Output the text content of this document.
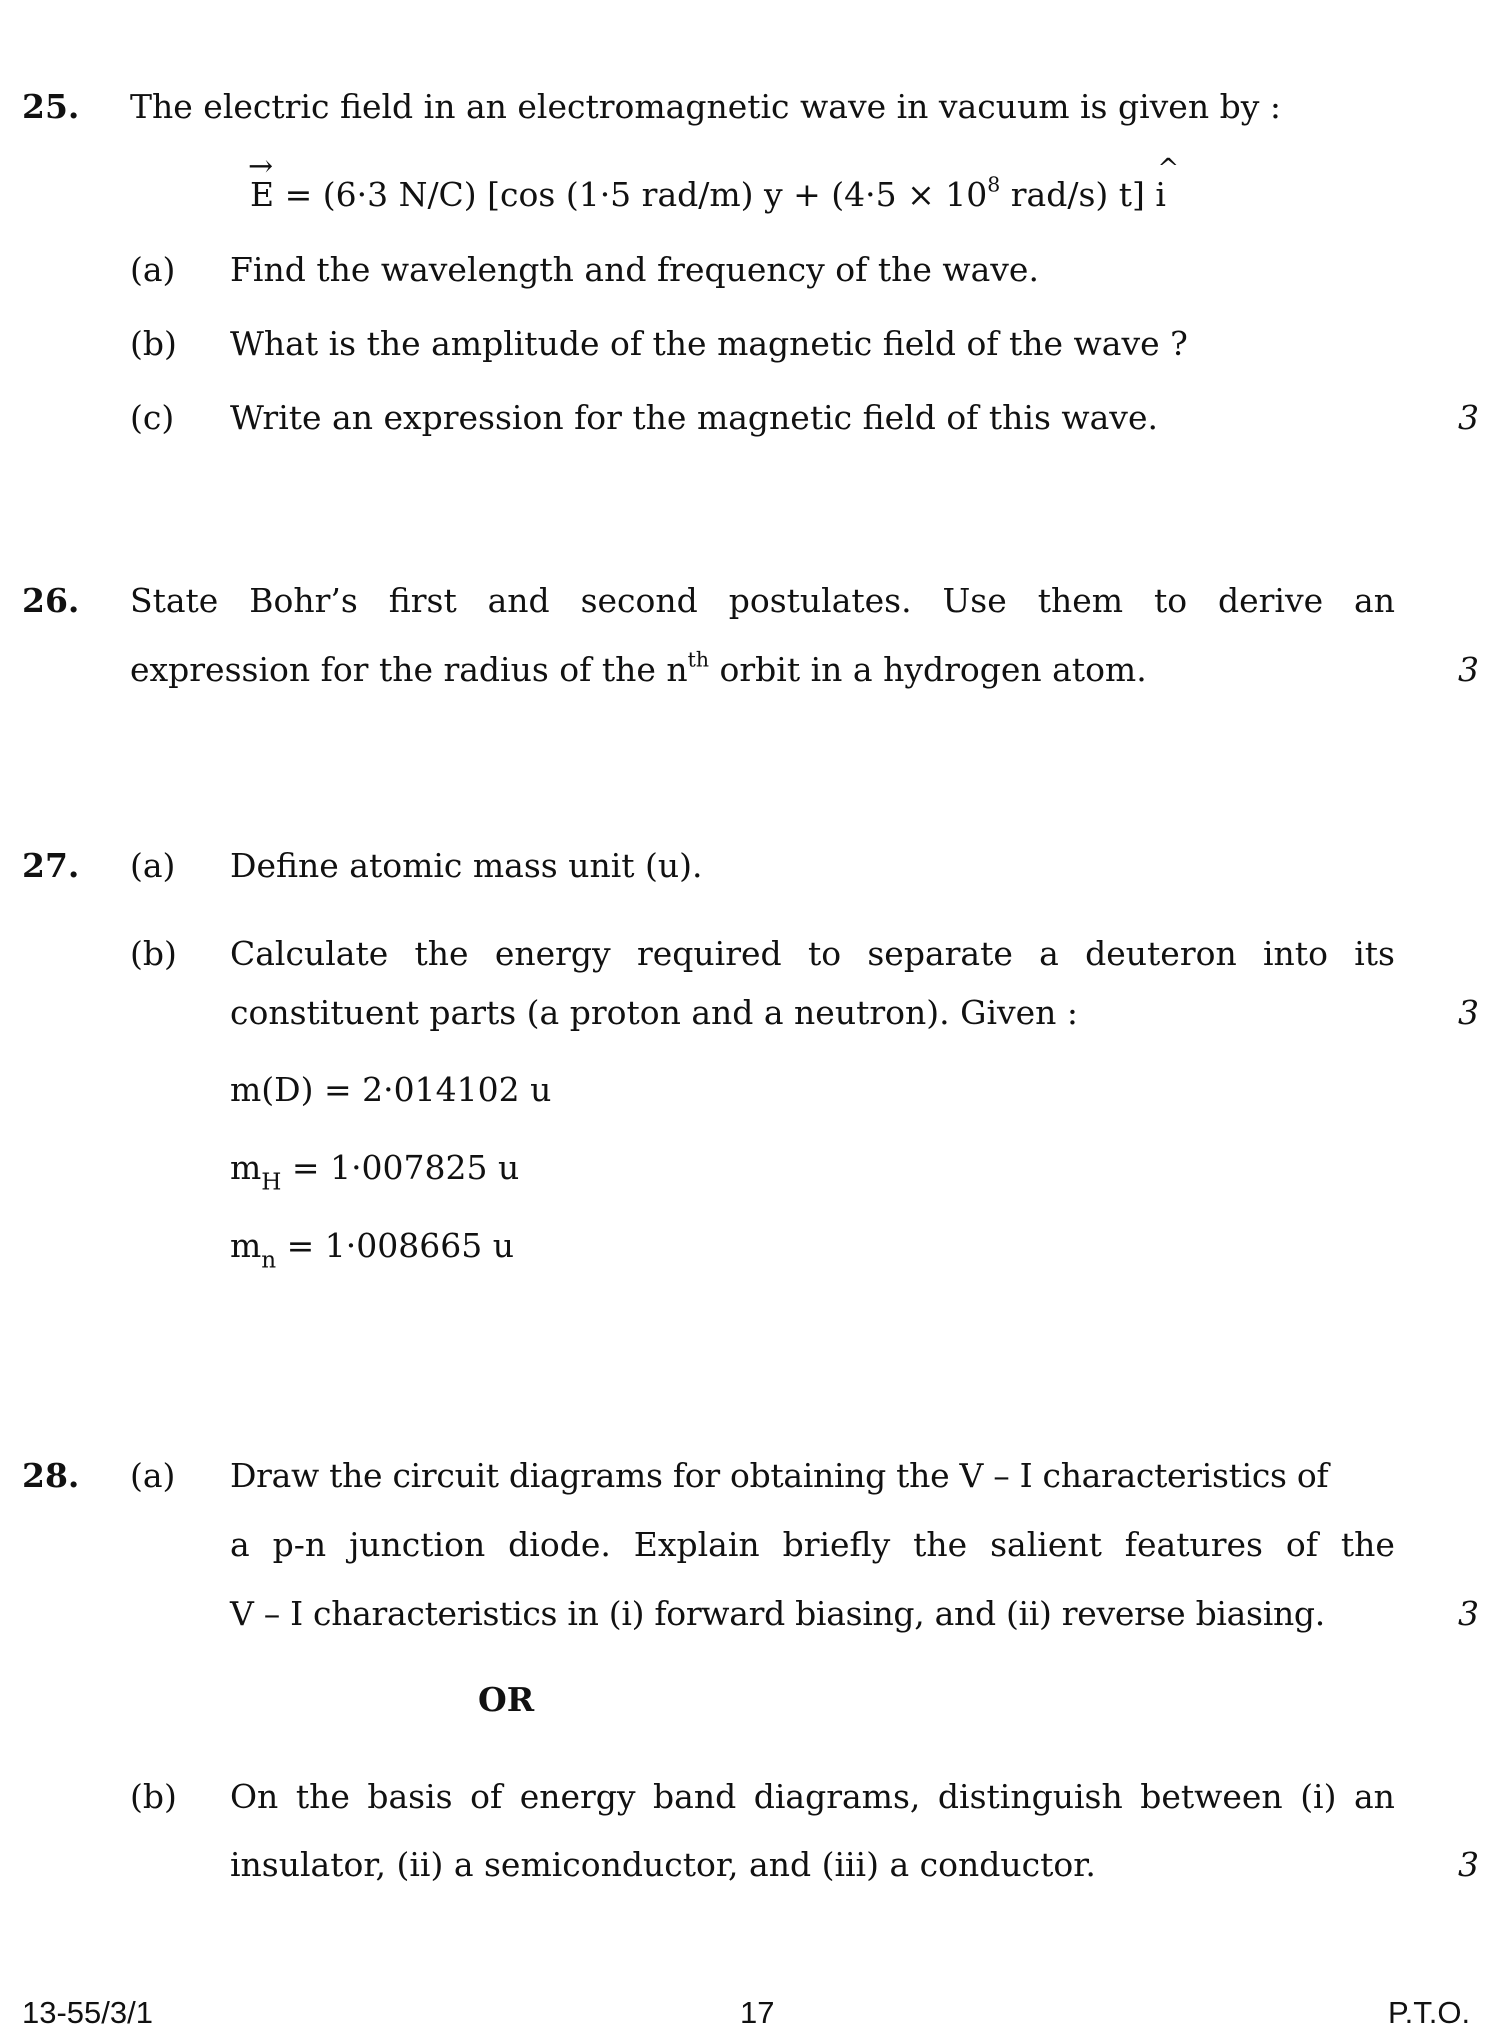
25. The electric field in an electromagnetic wave in vacuum is given by :
→ E = (6·3 N/C) [cos (1·5 rad/m) $y + (4\cdot 5 \times 10^8$ rad/s) t] ^ i
(a) Find the wavelength and frequency of the wave.
(b) What is the amplitude of the magnetic field of the wave ?
(c) Write an expression for the magnetic field of this wave.	3
26. State Bohr’s first and second postulates. Use them to derive an
expression for the radius of the $n^{th}$ orbit in a hydrogen atom.	3
27. (a) Define atomic mass unit (u).
(b) Calculate the energy required to separate a deuteron into its
constituent parts (a proton and a neutron). Given :	3
m(D) = 2·014102 u
$m_H = 1\cdot 007825$ u
$m_n = 1\cdot 008665$ u
28. (a) Draw the circuit diagrams for obtaining the V – I characteristics of
a p-n junction diode. Explain briefly the salient features of the
V – I characteristics in (i) forward biasing, and (ii) reverse biasing.	3
OR
(b) On the basis of energy band diagrams, distinguish between (i) an
insulator, (ii) a semiconductor, and (iii) a conductor.	3
13-55/3/1	17	P.T.O.
